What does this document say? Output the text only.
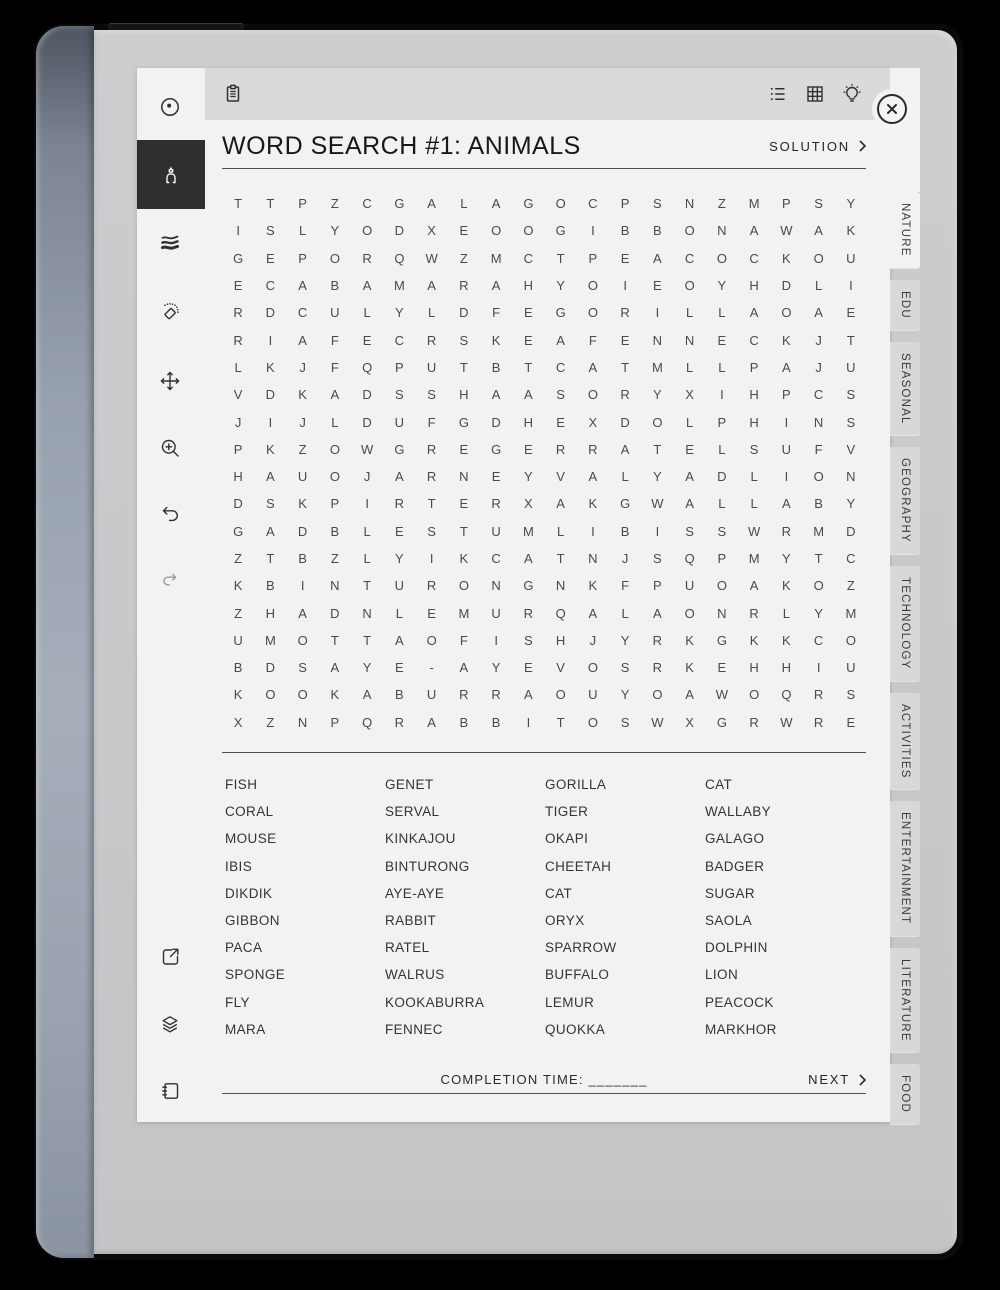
WORD SEARCH #1: ANIMALS	SOLUTION
T	T	P	Z	C	G	A	L	A	G	O	C	P	S	N	Z	M	P	S	Y
I	S	L	Y	O	D	X	E	O	O	G	I	B	B	O	N	A	W	A	K
G	E	P	O	R	Q	W	Z	M	C	T	P	E	A	C	O	C	K	O	U
E	C	A	B	A	M	A	R	A	H	Y	O	I	E	O	Y	H	D	L	I
R	D	C	U	L	Y	L	D	F	E	G	O	R	I	L	L	A	O	A	E
R	I	A	F	E	C	R	S	K	E	A	F	E	N	N	E	C	K	J	T
L	K	J	F	Q	P	U	T	B	T	C	A	T	M	L	L	P	A	J	U
V	D	K	A	D	S	S	H	A	A	S	O	R	Y	X	I	H	P	C	S
J	I	J	L	D	U	F	G	D	H	E	X	D	O	L	P	H	I	N	S
P	K	Z	O	W	G	R	E	G	E	R	R	A	T	E	L	S	U	F	V
H	A	U	O	J	A	R	N	E	Y	V	A	L	Y	A	D	L	I	O	N
D	S	K	P	I	R	T	E	R	X	A	K	G	W	A	L	L	A	B	Y
G	A	D	B	L	E	S	T	U	M	L	I	B	I	S	S	W	R	M	D
Z	T	B	Z	L	Y	I	K	C	A	T	N	J	S	Q	P	M	Y	T	C
K	B	I	N	T	U	R	O	N	G	N	K	F	P	U	O	A	K	O	Z
Z	H	A	D	N	L	E	M	U	R	Q	A	L	A	O	N	R	L	Y	M
U	M	O	T	T	A	O	F	I	S	H	J	Y	R	K	G	K	K	C	O
B	D	S	A	Y	E	-	A	Y	E	V	O	S	R	K	E	H	H	I	U
K	O	O	K	A	B	U	R	R	A	O	U	Y	O	A	W	O	Q	R	S
X	Z	N	P	Q	R	A	B	B	I	T	O	S	W	X	G	R	W	R	E
FISH	GENET	GORILLA	CAT
CORAL	SERVAL	TIGER	WALLABY
MOUSE	KINKAJOU	OKAPI	GALAGO
IBIS	BINTURONG	CHEETAH	BADGER
DIKDIK	AYE-AYE	CAT	SUGAR
GIBBON	RABBIT	ORYX	SAOLA
PACA	RATEL	SPARROW	DOLPHIN
SPONGE	WALRUS	BUFFALO	LION
FLY	KOOKABURRA	LEMUR	PEACOCK
MARA	FENNEC	QUOKKA	MARKHOR
COMPLETION TIME: _______	NEXT
NATURE
EDU
SEASONAL
GEOGRAPHY
TECHNOLOGY
ACTIVITIES
ENTERTAINMENT
LITERATURE
FOOD
